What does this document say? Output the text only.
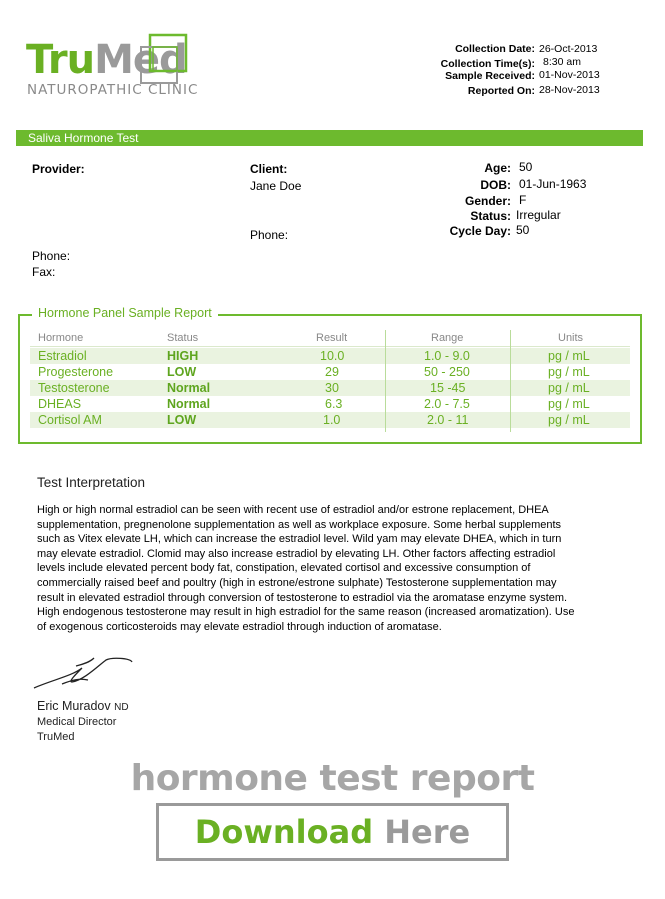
TruMed
NATUROPATHIC CLINIC
Collection Date: 26-Oct-2013
Collection Time(s): 8:30 am
Sample Received: 01-Nov-2013
Reported On: 28-Nov-2013
Saliva Hormone Test
Provider:	Client:
Jane Doe
Phone:
Phone:
Fax:
Age: 50
DOB: 01-Jun-1963
Gender: F
Status: Irregular
Cycle Day: 50
Hormone Panel Sample Report
Hormone	Status	Result	Range	Units
Estradiol	HIGH	10.0	1.0 - 9.0	pg / mL
Progesterone	LOW	29	50 - 250	pg / mL
Testosterone	Normal	30	15 -45	pg / mL
DHEAS	Normal	6.3	2.0 - 7.5	pg / mL
Cortisol AM	LOW	1.0	2.0 - 11	pg / mL
Test Interpretation
High or high normal estradiol can be seen with recent use of estradiol and/or estrone replacement, DHEA supplementation, pregnenolone supplementation as well as workplace exposure. Some herbal supplements such as Vitex elevate LH, which can increase the estradiol level. Wild yam may elevate DHEA, which in turn may elevate estradiol. Clomid may also increase estradiol by elevating LH. Other factors affecting estradiol levels include elevated percent body fat, constipation, elevated cortisol and excessive consumption of commercially raised beef and poultry (high in estrone/estrone sulphate) Testosterone supplementation may result in elevated estradiol through conversion of testosterone to estradiol via the aromatase enzyme system. High endogenous testosterone may result in high estradiol for the same reason (increased aromatization). Use of exogenous corticosteroids may elevate estradiol through induction of aromatase.
Eric Muradov ND
Medical Director
TruMed
hormone test report
Download Here
